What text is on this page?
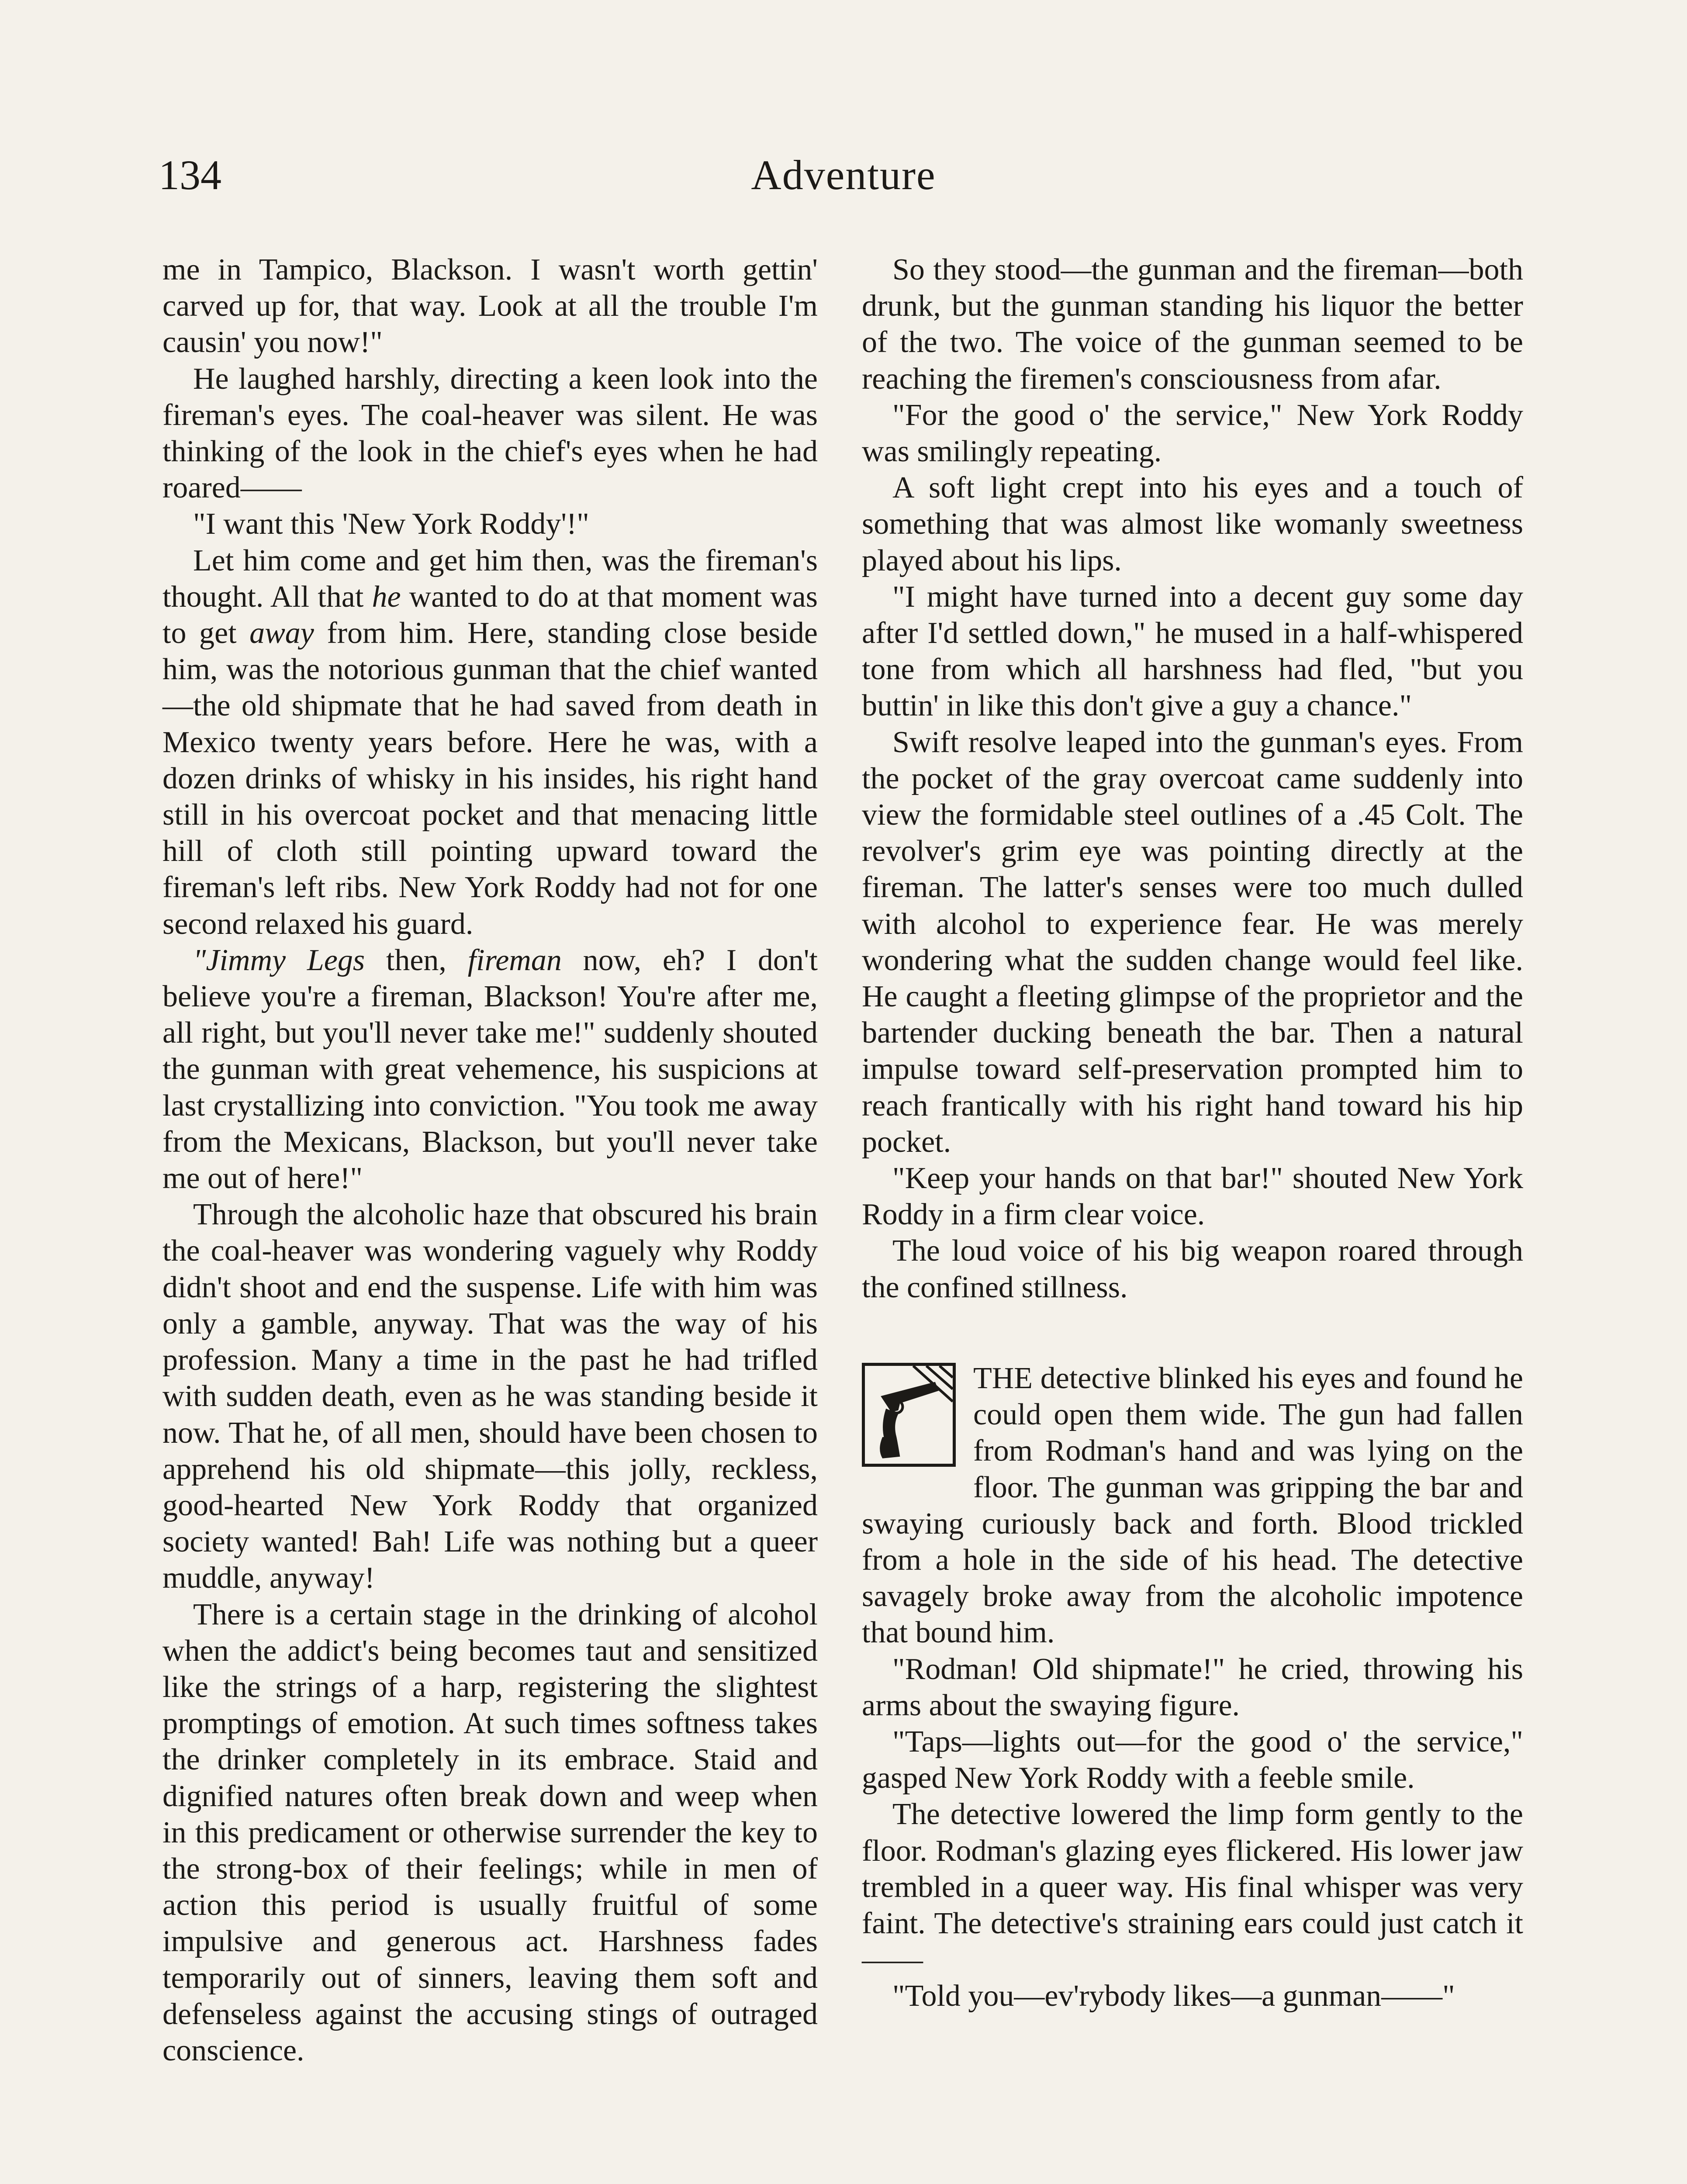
134	Adventure

me in Tampico, Blackson. I wasn't worth gettin' carved up for, that way. Look at all the trouble I'm causin' you now!"

He laughed harshly, directing a keen look into the fireman's eyes. The coal-heaver was silent. He was thinking of the look in the chief's eyes when he had roared——

"I want this 'New York Roddy'!"

Let him come and get him then, was the fireman's thought. All that he wanted to do at that moment was to get away from him. Here, standing close beside him, was the notorious gunman that the chief wanted —the old shipmate that he had saved from death in Mexico twenty years before. Here he was, with a dozen drinks of whisky in his insides, his right hand still in his overcoat pocket and that menacing little hill of cloth still pointing upward toward the fireman's left ribs. New York Roddy had not for one second relaxed his guard.

"Jimmy Legs then, fireman now, eh? I don't believe you're a fireman, Blackson! You're after me, all right, but you'll never take me!" suddenly shouted the gunman with great vehemence, his suspicions at last crystallizing into conviction. "You took me away from the Mexicans, Blackson, but you'll never take me out of here!"

Through the alcoholic haze that obscured his brain the coal-heaver was wondering vaguely why Roddy didn't shoot and end the suspense. Life with him was only a gamble, anyway. That was the way of his profession. Many a time in the past he had trifled with sudden death, even as he was standing beside it now. That he, of all men, should have been chosen to apprehend his old shipmate—this jolly, reckless, good-hearted New York Roddy that organized society wanted! Bah! Life was nothing but a queer muddle, anyway!

There is a certain stage in the drinking of alcohol when the addict's being becomes taut and sensitized like the strings of a harp, registering the slightest promptings of emotion. At such times softness takes the drinker completely in its embrace. Staid and dignified natures often break down and weep when in this predicament or otherwise surrender the key to the strong-box of their feelings; while in men of action this period is usually fruitful of some impulsive and generous act. Harshness fades temporarily out of sinners, leaving them soft and defenseless against the accusing stings of outraged conscience.

So they stood—the gunman and the fireman—both drunk, but the gunman standing his liquor the better of the two. The voice of the gunman seemed to be reaching the firemen's consciousness from afar.

"For the good o' the service," New York Roddy was smilingly repeating.

A soft light crept into his eyes and a touch of something that was almost like womanly sweetness played about his lips.

"I might have turned into a decent guy some day after I'd settled down," he mused in a half-whispered tone from which all harshness had fled, "but you buttin' in like this don't give a guy a chance."

Swift resolve leaped into the gunman's eyes. From the pocket of the gray overcoat came suddenly into view the formidable steel outlines of a .45 Colt. The revolver's grim eye was pointing directly at the fireman. The latter's senses were too much dulled with alcohol to experience fear. He was merely wondering what the sudden change would feel like. He caught a fleeting glimpse of the proprietor and the bartender ducking beneath the bar. Then a natural impulse toward self-preservation prompted him to reach frantically with his right hand toward his hip pocket.

"Keep your hands on that bar!" shouted New York Roddy in a firm clear voice.

The loud voice of his big weapon roared through the confined stillness.

THE detective blinked his eyes and found he could open them wide. The gun had fallen from Rodman's hand and was lying on the floor. The gunman was gripping the bar and swaying curiously back and forth. Blood trickled from a hole in the side of his head. The detective savagely broke away from the alcoholic impotence that bound him.

"Rodman! Old shipmate!" he cried, throwing his arms about the swaying figure.

"Taps—lights out—for the good o' the service," gasped New York Roddy with a feeble smile.

The detective lowered the limp form gently to the floor. Rodman's glazing eyes flickered. His lower jaw trembled in a queer way. His final whisper was very faint. The detective's straining ears could just catch it——

"Told you—ev'rybody likes—a gunman——"
